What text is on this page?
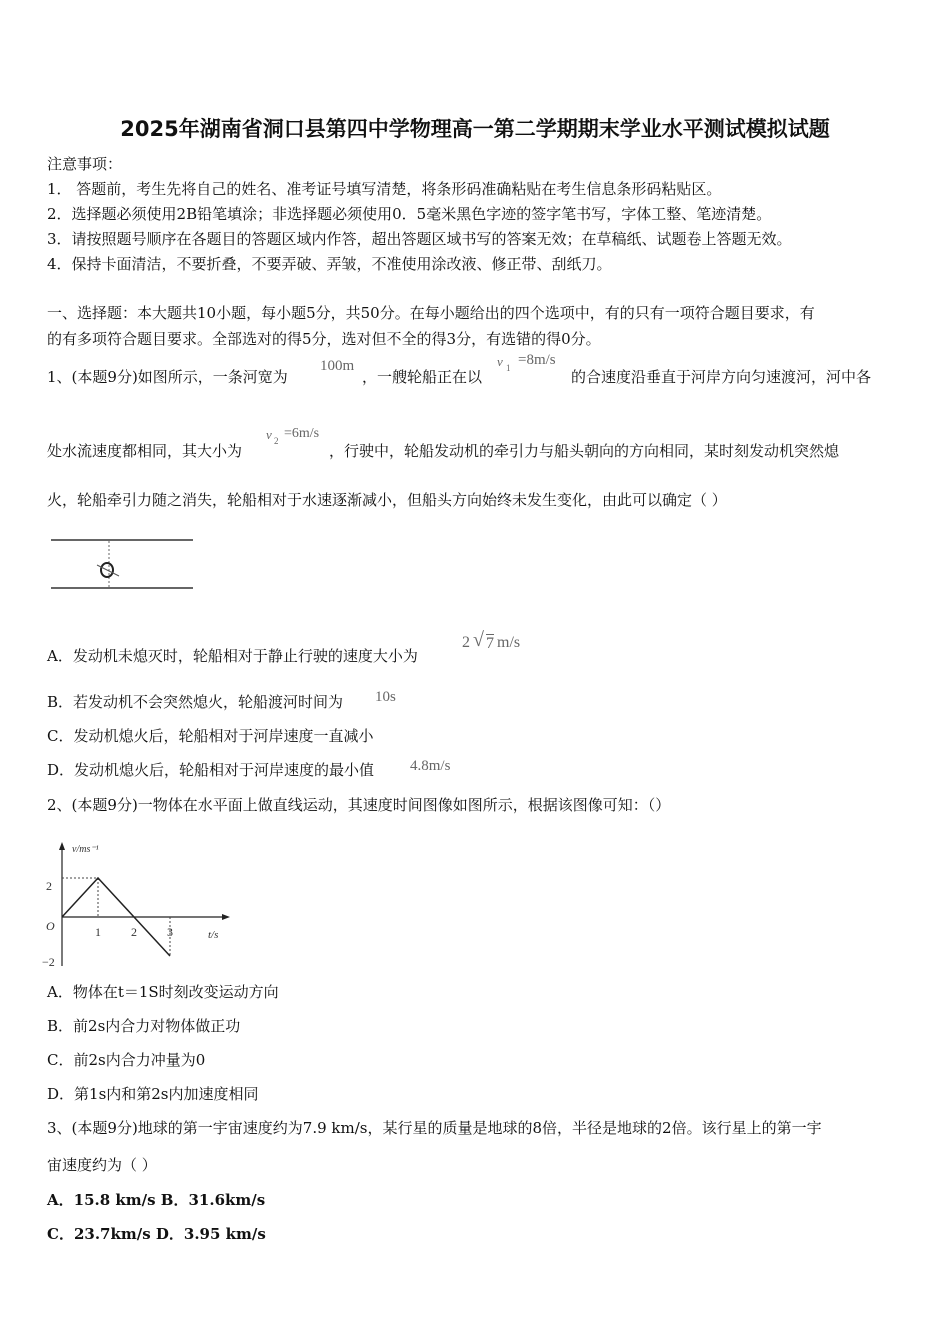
2025年湖南省洞口县第四中学物理高一第二学期期末学业水平测试模拟试题
注意事项：
1． 答题前，考生先将自己的姓名、准考证号填写清楚，将条形码准确粘贴在考生信息条形码粘贴区。
2．选择题必须使用2B铅笔填涂；非选择题必须使用0．5毫米黑色字迹的签字笔书写，字体工整、笔迹清楚。
3．请按照题号顺序在各题目的答题区域内作答，超出答题区域书写的答案无效；在草稿纸、试题卷上答题无效。
4．保持卡面清洁，不要折叠，不要弄破、弄皱，不准使用涂改液、修正带、刮纸刀。
一、选择题：本大题共10小题，每小题5分，共50分。在每小题给出的四个选项中，有的只有一项符合题目要求，有
的有多项符合题目要求。全部选对的得5分，选对但不全的得3分，有选错的得0分。
1、(本题9分)如图所示，一条河宽为
100m
，一艘轮船正在以
v 1 =8m/s
的合速度沿垂直于河岸方向匀速渡河，河中各
处水流速度都相同，其大小为
v 2 =6m/s
，行驶中，轮船发动机的牵引力与船头朝向的方向相同，某时刻发动机突然熄
火，轮船牵引力随之消失，轮船相对于水速逐渐减小，但船头方向始终未发生变化，由此可以确定（ ）
A．发动机未熄灭时，轮船相对于静止行驶的速度大小为
2 √ 7 m/s
B．若发动机不会突然熄火，轮船渡河时间为 10s
C．发动机熄火后，轮船相对于河岸速度一直减小
D．发动机熄火后，轮船相对于河岸速度的最小值 4.8m/s
2、(本题9分)一物体在水平面上做直线运动，其速度时间图像如图所示，根据该图像可知：（）
v/ms⁻¹
t/s
O
2
−2
1	2	3
A．物体在t＝1S时刻改变运动方向
B．前2s内合力对物体做正功
C．前2s内合力冲量为0
D．第1s内和第2s内加速度相同
3、(本题9分)地球的第一宇宙速度约为7.9 km/s，某行星的质量是地球的8倍，半径是地球的2倍。该行星上的第一宇
宙速度约为（ ）
A．15.8 km/s B．31.6km/s
C．23.7km/s D．3.95 km/s
